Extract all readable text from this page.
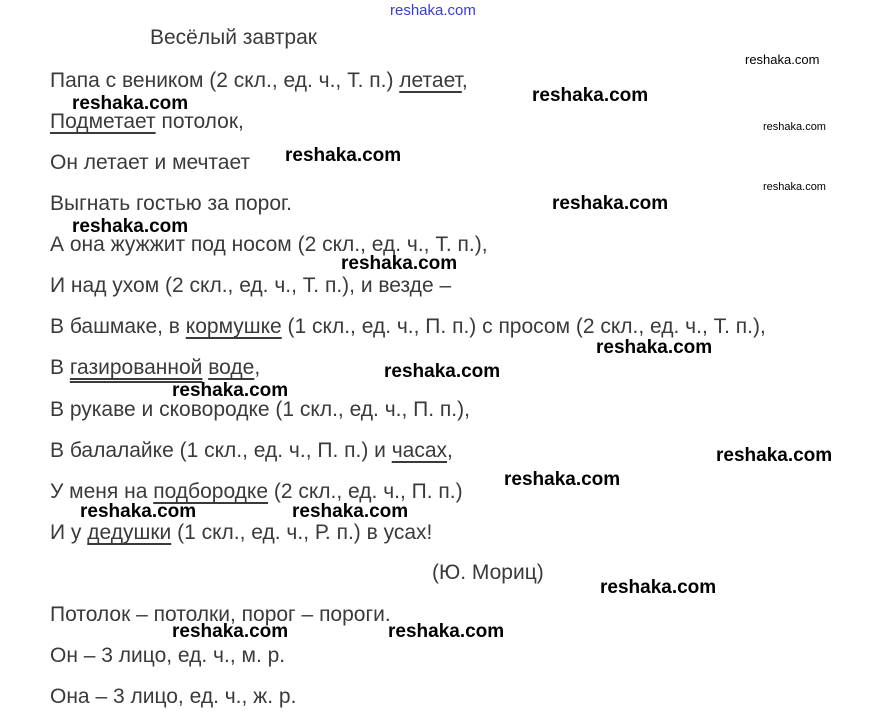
reshaka.com
Весёлый завтрак
Папа с веником (2 скл., ед. ч., Т. п.) летает,
Подметает потолок,
Он летает и мечтает
Выгнать гостью за порог.
А она жужжит под носом (2 скл., ед. ч., Т. п.),
И над ухом (2 скл., ед. ч., Т. п.), и везде –
В башмаке, в кормушке (1 скл., ед. ч., П. п.) с просом (2 скл., ед. ч., Т. п.),
В газированной воде,
В рукаве и сковородке (1 скл., ед. ч., П. п.),
В балалайке (1 скл., ед. ч., П. п.) и часах,
У меня на подбородке (2 скл., ед. ч., П. п.)
И у дедушки (1 скл., ед. ч., Р. п.) в усах!
(Ю. Мориц)
Потолок – потолки, порог – пороги.
Он – 3 лицо, ед. ч., м. р.
Она – 3 лицо, ед. ч., ж. р.
reshaka.com
reshaka.com
reshaka.com
reshaka.com
reshaka.com
reshaka.com
reshaka.com
reshaka.com
reshaka.com
reshaka.com
reshaka.com
reshaka.com
reshaka.com
reshaka.com
reshaka.com	reshaka.com
reshaka.com
reshaka.com	reshaka.com
